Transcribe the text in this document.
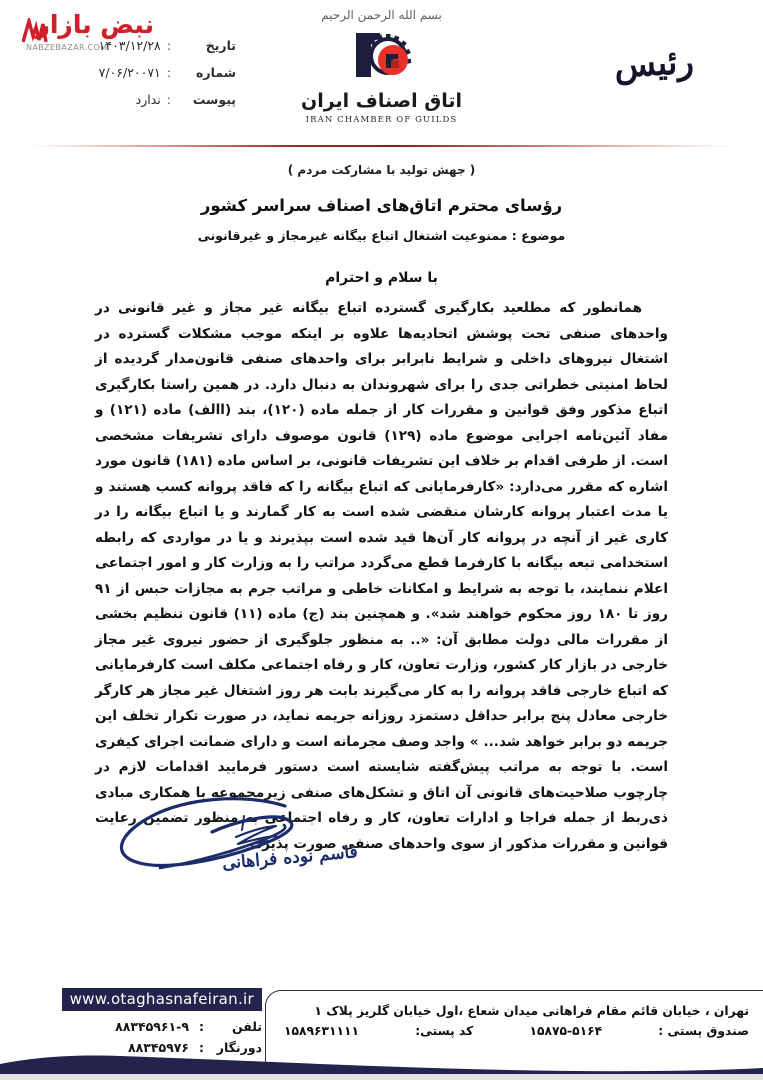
نبض بازار
NABZEBAZAR.COM	تاریخ
:
۱۴۰۳/۱۲/۲۸
شماره
:
۷/۰۶/۲۰۰۷۱
پیوست
:
ندارد
بسم الله الرحمن الرحیم
اتاق اصناف ایران
IRAN CHAMBER OF GUILDS
رئیس
( جهش تولید با مشارکت مردم )
رؤسای محترم اتاق‌های اصناف سراسر کشور
موضوع : ممنوعیت اشتغال اتباع بیگانه غیرمجاز و غیرقانونی
با سلام و احترام

همانطور که مطلعید بکارگیری گسترده اتباع بیگانه غیر مجاز و غیر قانونی در واحدهای صنفی تحت پوشش اتحادیه‌ها علاوه بر اینکه موجب مشکلات گسترده در اشتغال نیروهای داخلی و شرایط نابرابر برای واحدهای صنفی قانون‌مدار گردیده از لحاظ امنیتی خطراتی جدی را برای شهروندان به دنبال دارد. در همین راستا بکارگیری اتباع مذکور وفق قوانین و مقررات کار از جمله ماده (۱۲۰)، بند (االف) ماده (۱۲۱) و مفاد آئین‌نامه اجرایی موضوع ماده (۱۲۹) قانون موصوف دارای تشریفات مشخصی است. از طرفی اقدام بر خلاف این تشریفات قانونی، بر اساس ماده (۱۸۱) قانون مورد اشاره که مقرر می‌دارد: «کارفرمایانی که اتباع بیگانه را که فاقد پروانه کسب هستند و یا مدت اعتبار پروانه کارشان منقضی شده است به کار گمارند و یا اتباع بیگانه را در کاری غیر از آنچه در پروانه کار آن‌ها قید شده است بپذیرند و یا در مواردی که رابطه استخدامی تبعه بیگانه با کارفرما قطع می‌گردد مراتب را به وزارت کار و امور اجتماعی اعلام ننمایند، با توجه به شرایط و امکانات خاطی و مراتب جرم به مجازات حبس از ۹۱ روز تا ۱۸۰ روز محکوم خواهند شد». و همچنین بند (ج) ماده (۱۱) قانون تنظیم بخشی از مقررات مالی دولت مطابق آن: «.. به منظور جلوگیری از حضور نیروی غیر مجاز خارجی در بازار کار کشور، وزارت تعاون، کار و رفاه اجتماعی مکلف است کارفرمایانی که اتباع خارجی فاقد پروانه را به کار می‌گیرند بابت هر روز اشتغال غیر مجاز هر کارگر خارجی معادل پنج برابر حداقل دستمزد روزانه جریمه نماید، در صورت تکرار تخلف این جریمه دو برابر خواهد شد... » واجد وصف مجرمانه است و دارای ضمانت اجرای کیفری است. با توجه به مراتب پیش‌گفته شایسته است دستور فرمایید اقدامات لازم در چارچوب صلاحیت‌های قانونی آن اتاق و تشکل‌های صنفی زیرمجموعه با همکاری مبادی ذی‌ربط از جمله فراجا و ادارات تعاون، کار و رفاه اجتماعی به منظور تضمین رعایت قوانین و مقررات مذکور از سوی واحدهای صنفی صورت پذیرد.

قاسم نوده فراهانی
تهران ، خیابان قائم مقام فراهانی میدان شعاع ،اول خیابان گلریز پلاک ۱
صندوق پستی :
۱۵۸۷۵-۵۱۶۴
کد پستی:
۱۵۸۹۶۳۱۱۱۱
www.otaghasnafeiran.ir
تلفن
:
۸۸۳۴۵۹۶۱-۹
دورنگار
:
۸۸۳۴۵۹۷۶
